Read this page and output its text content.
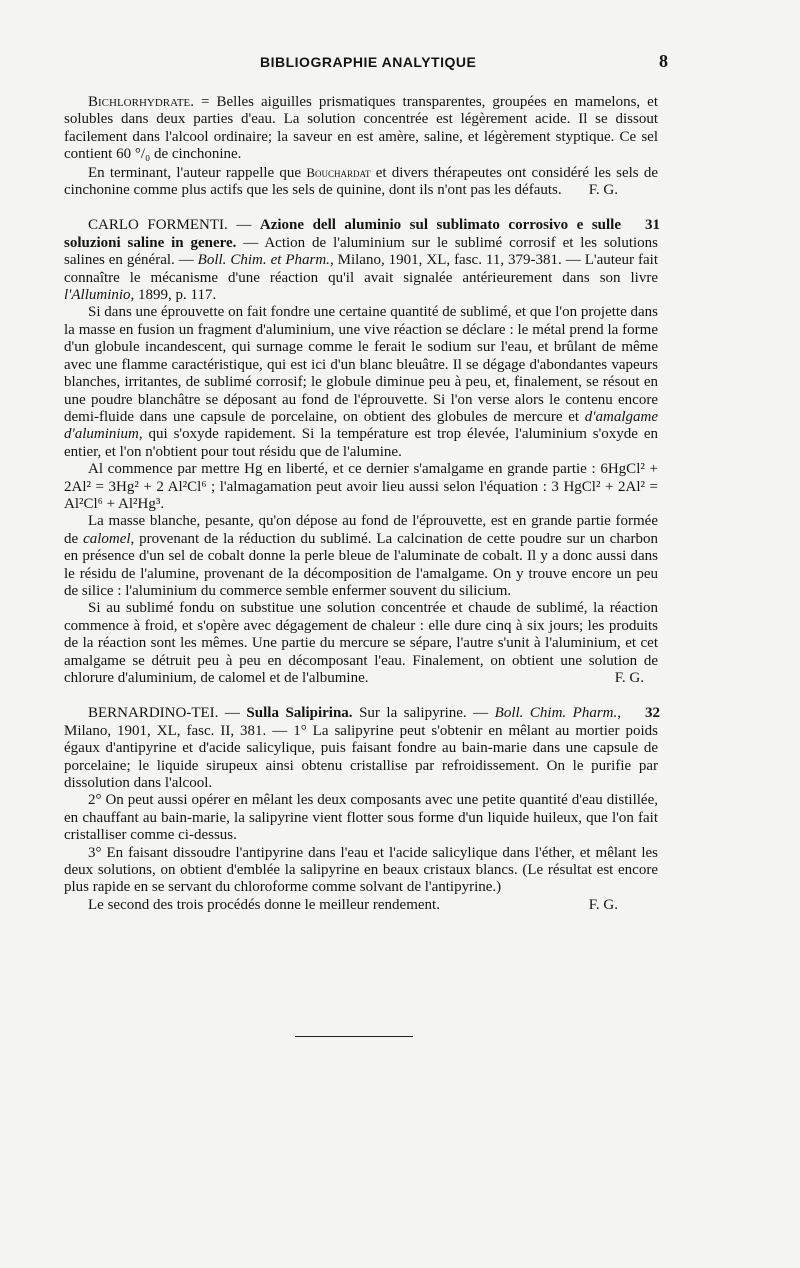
BIBLIOGRAPHIE ANALYTIQUE	8

Bichlorhydrate. = Belles aiguilles prismatiques transparentes, groupées en mamelons, et solubles dans deux parties d'eau. La solution concentrée est légèrement acide. Il se dissout facilement dans l'alcool ordinaire; la saveur en est amère, saline, et légèrement styptique. Ce sel contient 60 °/₀ de cinchonine.

En terminant, l'auteur rappelle que Bouchardat et divers thérapeutes ont considéré les sels de cinchonine comme plus actifs que les sels de quinine, dont ils n'ont pas les défauts.	F. G.

31
CARLO FORMENTI. — Azione dell aluminio sul sublimato corrosivo e sulle soluzioni saline in genere. — Action de l'aluminium sur le sublimé corrosif et les solutions salines en général. — Boll. Chim. et Pharm., Milano, 1901, XL, fasc. 11, 379-381. — L'auteur fait connaître le mécanisme d'une réaction qu'il avait signalée antérieurement dans son livre l'Alluminio, 1899, p. 117.

Si dans une éprouvette on fait fondre une certaine quantité de sublimé, et que l'on projette dans la masse en fusion un fragment d'aluminium, une vive réaction se déclare : le métal prend la forme d'un globule incandescent, qui surnage comme le ferait le sodium sur l'eau, et brûlant de même avec une flamme caractéristique, qui est ici d'un blanc bleuâtre. Il se dégage d'abondantes vapeurs blanches, irritantes, de sublimé corrosif; le globule diminue peu à peu, et, finalement, se résout en une poudre blanchâtre se déposant au fond de l'éprouvette. Si l'on verse alors le contenu encore demi-fluide dans une capsule de porcelaine, on obtient des globules de mercure et d'amalgame d'aluminium, qui s'oxyde rapidement. Si la température est trop élevée, l'aluminium s'oxyde en entier, et l'on n'obtient pour tout résidu que de l'alumine.

Al commence par mettre Hg en liberté, et ce dernier s'amalgame en grande partie : 6HgCl² + 2Al² = 3Hg² + 2 Al²Cl⁶ ; l'almagamation peut avoir lieu aussi selon l'équation : 3 HgCl² + 2Al² = Al²Cl⁶ + Al²Hg³.

La masse blanche, pesante, qu'on dépose au fond de l'éprouvette, est en grande partie formée de calomel, provenant de la réduction du sublimé. La calcination de cette poudre sur un charbon en présence d'un sel de cobalt donne la perle bleue de l'aluminate de cobalt. Il y a donc aussi dans le résidu de l'alumine, provenant de la décomposition de l'amalgame. On y trouve encore un peu de silice : l'aluminium du commerce semble enfermer souvent du silicium.

Si au sublimé fondu on substitue une solution concentrée et chaude de sublimé, la réaction commence à froid, et s'opère avec dégagement de chaleur : elle dure cinq à six jours; les produits de la réaction sont les mêmes. Une partie du mercure se sépare, l'autre s'unit à l'aluminium, et cet amalgame se détruit peu à peu en décomposant l'eau. Finalement, on obtient une solution de chlorure d'aluminium, de calomel et de l'albumine.	F. G.

32
BERNARDINO-TEI. — Sulla Salipirina. Sur la salipyrine. — Boll. Chim. Pharm., Milano, 1901, XL, fasc. II, 381. — 1° La salipyrine peut s'obtenir en mêlant au mortier poids égaux d'antipyrine et d'acide salicylique, puis faisant fondre au bain-marie dans une capsule de porcelaine; le liquide sirupeux ainsi obtenu cristallise par refroidissement. On le purifie par dissolution dans l'alcool.

2° On peut aussi opérer en mêlant les deux composants avec une petite quantité d'eau distillée, en chauffant au bain-marie, la salipyrine vient flotter sous forme d'un liquide huileux, que l'on fait cristalliser comme ci-dessus.

3° En faisant dissoudre l'antipyrine dans l'eau et l'acide salicylique dans l'éther, et mêlant les deux solutions, on obtient d'emblée la salipyrine en beaux cristaux blancs. (Le résultat est encore plus rapide en se servant du chloroforme comme solvant de l'antipyrine.)

Le second des trois procédés donne le meilleur rendement.	F. G.
